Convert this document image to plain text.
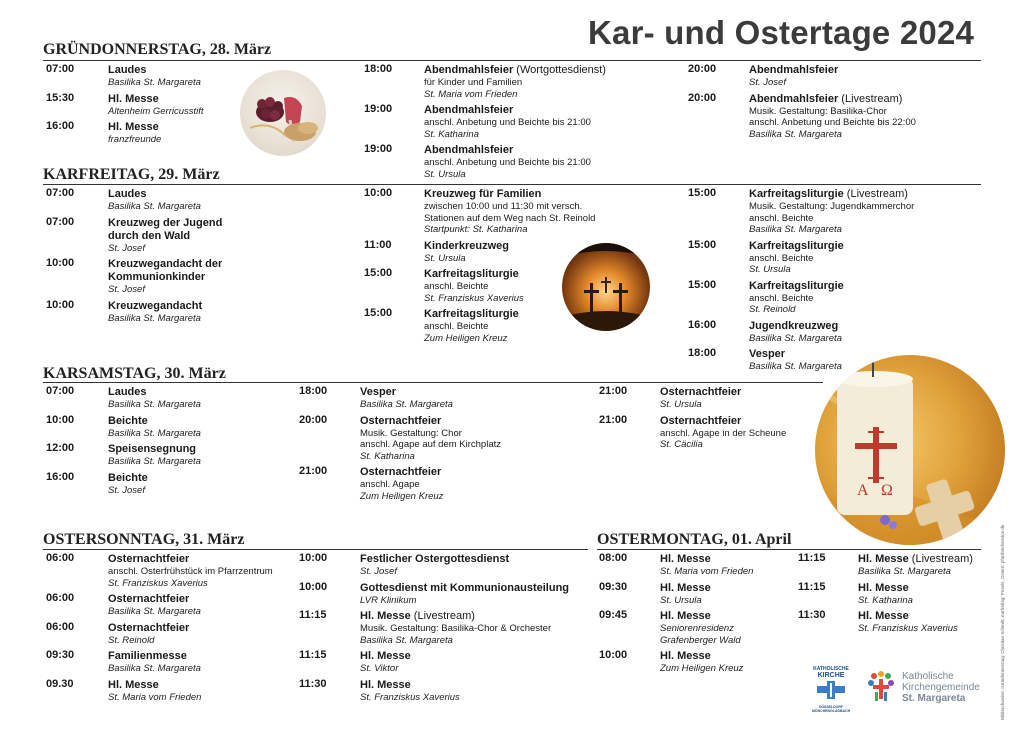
Kar- und Ostertage 2024
GRÜNDONNERSTAG, 28. März
KARFREITAG, 29. März
KARSAMSTAG, 30. März
OSTERSONNTAG, 31. März	OSTERMONTAG, 01. April
07:00	Laudes
Basilika St. Margareta
15:30	Hl. Messe
Altenheim Gerricusstift
16:00	Hl. Messe
franzfreunde
18:00	Abendmahlsfeier (Wortgottesdienst)
für Kinder und Familien
St. Maria vom Frieden
19:00	Abendmahlsfeier
anschl. Anbetung und Beichte bis 21:00
St. Katharina
19:00	Abendmahlsfeier
anschl. Anbetung und Beichte bis 21:00
St. Ursula
20:00	Abendmahlsfeier
St. Josef
20:00	Abendmahlsfeier (Livestream)
Musik. Gestaltung: Basilika-Chor
anschl. Anbetung und Beichte bis 22:00
Basilika St. Margareta
07:00	Laudes
Basilika St. Margareta
07:00	Kreuzweg der Jugend
durch den Wald
St. Josef
10:00	Kreuzwegandacht der
Kommunionkinder
St. Josef
10:00	Kreuzwegandacht
Basilika St. Margareta
10:00	Kreuzweg für Familien
zwischen 10:00 und 11:30 mit versch.
Stationen auf dem Weg nach St. Reinold
Startpunkt: St. Katharina
11:00	Kinderkreuzweg
St. Ursula
15:00	Karfreitagsliturgie
anschl. Beichte
St. Franziskus Xaverius
15:00	Karfreitagsliturgie
anschl. Beichte
Zum Heiligen Kreuz
15:00	Karfreitagsliturgie (Livestream)
Musik. Gestaltung: Jugendkammerchor
anschl. Beichte
Basilika St. Margareta
15:00	Karfreitagsliturgie
anschl. Beichte
St. Ursula
15:00	Karfreitagsliturgie
anschl. Beichte
St. Reinold
16:00	Jugendkreuzweg
Basilika St. Margareta
18:00	Vesper
Basilika St. Margareta
07:00	Laudes
Basilika St. Margareta
10:00	Beichte
Basilika St. Margareta
12:00	Speisensegnung
Basilika St. Margareta
16:00	Beichte
St. Josef
18:00	Vesper
Basilika St. Margareta
20:00	Osternachtfeier
Musik. Gestaltung: Chor
anschl. Agape auf dem Kirchplatz
St. Katharina
21:00	Osternachtfeier
anschl. Agape
Zum Heiligen Kreuz
21:00	Osternachtfeier
St. Ursula
21:00	Osternachtfeier
anschl. Agape in der Scheune
St. Cäcilia
06:00	Osternachtfeier
anschl. Osterfrühstück im Pfarrzentrum
St. Franziskus Xaverius
06:00	Osternachtfeier
Basilika St. Margareta
06:00	Osternachtfeier
St. Reinold
09:30	Familienmesse
Basilika St. Margareta
09.30	Hl. Messe
St. Maria vom Frieden
10:00	Festlicher Ostergottesdienst
St. Josef
10:00	Gottesdienst mit Kommunionausteilung
LVR Klinikum
11:15	Hl. Messe (Livestream)
Musik. Gestaltung: Basilika-Chor & Orchester
Basilika St. Margareta
11:15	Hl. Messe
St. Viktor
11:30	Hl. Messe
St. Franziskus Xaverius
08:00	Hl. Messe
St. Maria vom Frieden
09:30	Hl. Messe
St. Ursula
09:45	Hl. Messe
Seniorenresidenz
Grafenberger Wald
10:00	Hl. Messe
Zum Heiligen Kreuz
11:15	Hl. Messe (Livestream)
Basilika St. Margareta
11:15	Hl. Messe
St. Katharina
11:30	Hl. Messe
St. Franziskus Xaverius
A Ω
KATHOLISCHE
KIRCHE
DÜSSELDORF MÖNCHENGLADBACH
Katholische
Kirchengemeinde
St. Margareta	Bildnachweise: Gründonnerstag: Christian Schmitt, Karfreitag: Pexels, Ostern: pfarrbriefservice.de
